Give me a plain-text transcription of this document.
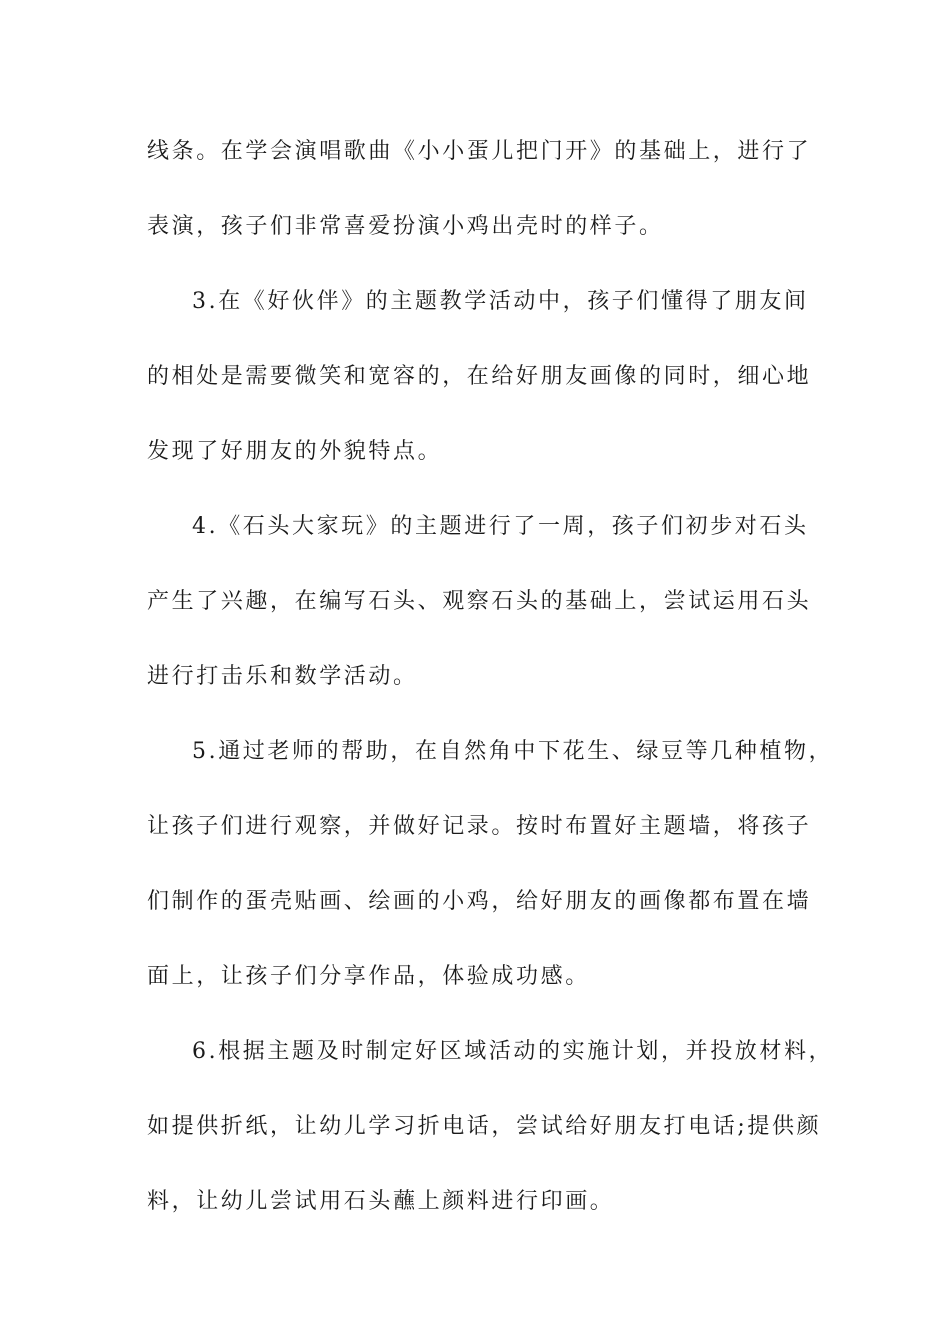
线条。在学会演唱歌曲《小小蛋儿把门开》的基础上，进行了
表演，孩子们非常喜爱扮演小鸡出壳时的样子。
3.在《好伙伴》的主题教学活动中，孩子们懂得了朋友间
的相处是需要微笑和宽容的，在给好朋友画像的同时，细心地
发现了好朋友的外貌特点。
4.《石头大家玩》的主题进行了一周，孩子们初步对石头
产生了兴趣，在编写石头、观察石头的基础上，尝试运用石头
进行打击乐和数学活动。
5.通过老师的帮助，在自然角中下花生、绿豆等几种植物，
让孩子们进行观察，并做好记录。按时布置好主题墙，将孩子
们制作的蛋壳贴画、绘画的小鸡，给好朋友的画像都布置在墙
面上，让孩子们分享作品，体验成功感。
6.根据主题及时制定好区域活动的实施计划，并投放材料，
如提供折纸，让幼儿学习折电话，尝试给好朋友打电话;提供颜
料，让幼儿尝试用石头蘸上颜料进行印画。
